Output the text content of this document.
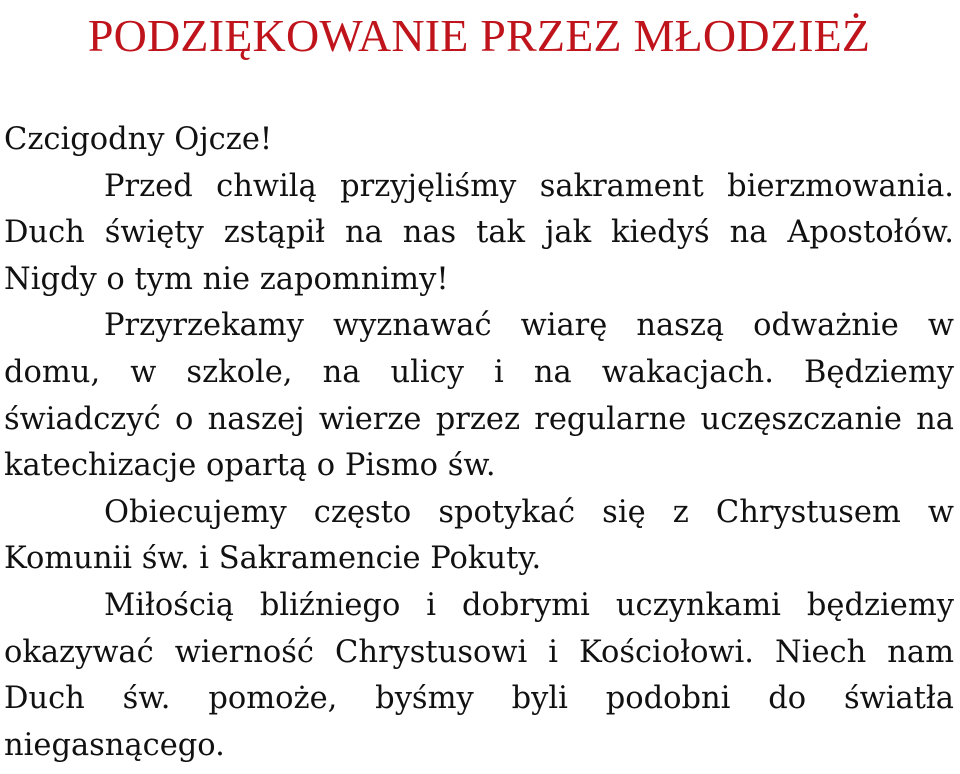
PODZIĘKOWANIE PRZEZ MŁODZIEŻ

Czcigodny Ojcze!

Przed chwilą przyjęliśmy sakrament bierzmowania. Duch święty zstąpił na nas tak jak kiedyś na Apostołów. Nigdy o tym nie zapomnimy!

Przyrzekamy wyznawać wiarę naszą odważnie w domu, w szkole, na ulicy i na wakacjach. Będziemy świadczyć o naszej wierze przez regularne uczęszczanie na katechizacje opartą o Pismo św.

Obiecujemy często spotykać się z Chrystusem w Komunii św. i Sakramencie Pokuty.

Miłością bliźniego i dobrymi uczynkami będziemy okazywać wierność Chrystusowi i Kościołowi. Niech nam Duch św. pomoże, byśmy byli podobni do światła niegasnącego.
